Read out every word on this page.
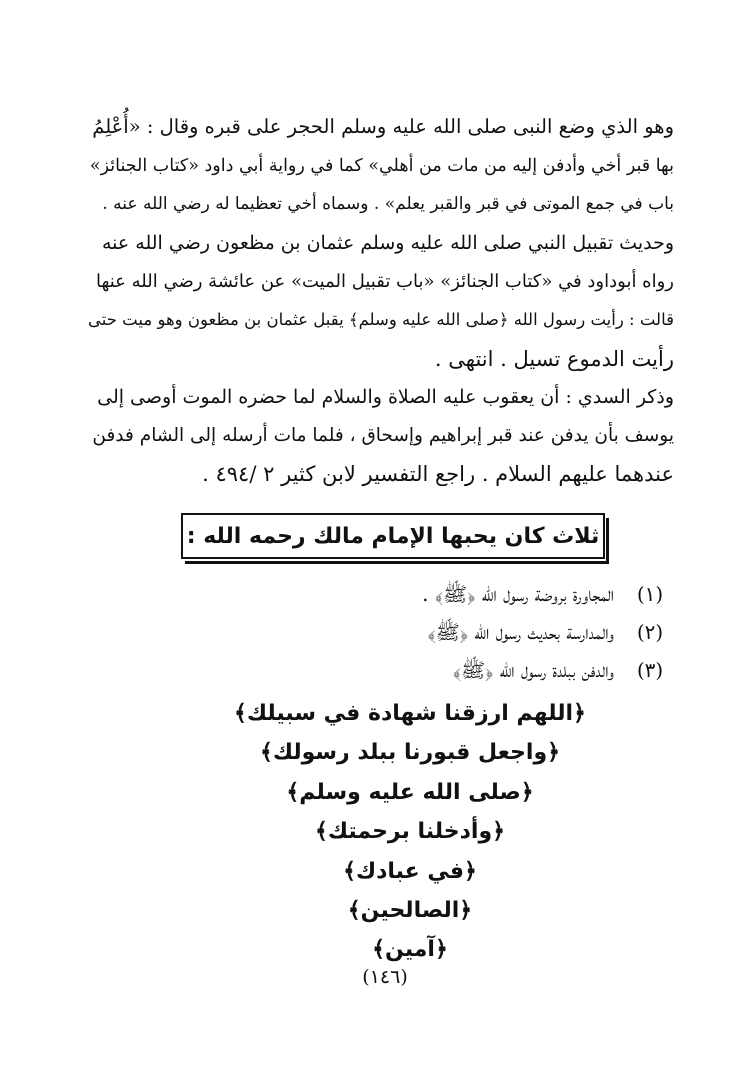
وهو الذي وضع النبى صلى الله عليه وسلم الحجر على قبره وقال : «أُعْلِمُ
بها قبر أخي وأدفن إليه من مات من أهلي» كما في رواية أبي داود «كتاب الجنائز»
باب في جمع الموتى في قبر والقبر يعلم» . وسماه أخي تعظيما له رضي الله عنه .

وحديث تقبيل النبي صلى الله عليه وسلم عثمان بن مظعون رضي الله عنه
رواه أبوداود في «كتاب الجنائز» «باب تقبيل الميت» عن عائشة رضي الله عنها
قالت : رأيت رسول الله ﴿صلى الله عليه وسلم﴾ يقبل عثمان بن مظعون وهو ميت حتى
رأيت الدموع تسيل . انتهى .

وذكر السدي : أن يعقوب عليه الصلاة والسلام لما حضره الموت أوصى إلى
يوسف بأن يدفن عند قبر إبراهيم وإسحاق ، فلما مات أرسله إلى الشام فدفن
عندهما عليهم السلام . راجع التفسير لابن كثير ٢ /٤٩٤ .

ثلاث كان يحبها الإمام مالك رحمه الله :
(١)
المجاورة بروضة رسول الله ﴿ﷺ﴾ .
(٢)
والمدارسة بحديث رسول الله ﴿ﷺ﴾
(٣)
والدفن ببلدة رسول الله ﴿ﷺ﴾
﴿اللهم ارزقنا شهادة في سبيلك﴾
﴿واجعل قبورنا ببلد رسولك﴾
﴿صلى الله عليه وسلم﴾
﴿وأدخلنا برحمتك﴾
﴿في عبادك﴾
﴿الصالحين﴾
﴿آمين﴾
(١٤٦)
